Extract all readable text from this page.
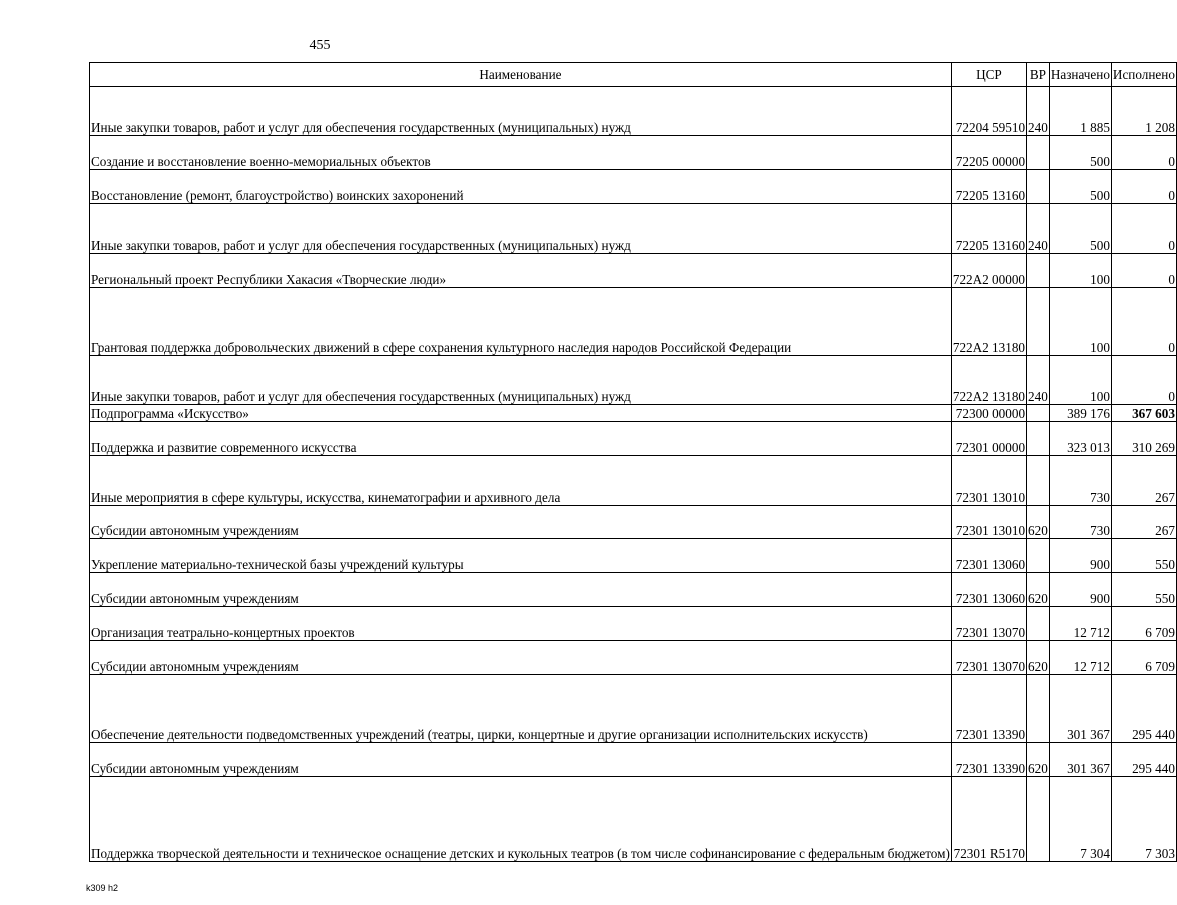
455
Наименование	ЦСР	ВР	Назначено	Исполнено
Иные закупки товаров, работ и услуг для обеспечения государственных (муниципальных) нужд	72204 59510	240	1 885	1 208
Создание и восстановление военно-мемориальных объектов	72205 00000		500	0
Восстановление (ремонт, благоустройство) воинских захоронений	72205 13160		500	0
Иные закупки товаров, работ и услуг для обеспечения государственных (муниципальных) нужд	72205 13160	240	500	0
Региональный проект Республики Хакасия «Творческие люди»	722A2 00000		100	0
Грантовая поддержка добровольческих движений в сфере сохранения культурного наследия народов Российской Федерации	722A2 13180		100	0
Иные закупки товаров, работ и услуг для обеспечения государственных (муниципальных) нужд	722A2 13180	240	100	0
Подпрограмма «Искусство»	72300 00000		389 176	367 603
Поддержка и развитие современного искусства	72301 00000		323 013	310 269
Иные мероприятия в сфере культуры, искусства, кинематографии и архивного дела	72301 13010		730	267
Субсидии автономным учреждениям	72301 13010	620	730	267
Укрепление материально-технической базы учреждений культуры	72301 13060		900	550
Субсидии автономным учреждениям	72301 13060	620	900	550
Организация театрально-концертных проектов	72301 13070		12 712	6 709
Субсидии автономным учреждениям	72301 13070	620	12 712	6 709
Обеспечение деятельности подведомственных учреждений (театры, цирки, концертные и другие организации исполнительских искусств)	72301 13390		301 367	295 440
Субсидии автономным учреждениям	72301 13390	620	301 367	295 440
Поддержка творческой деятельности и техническое оснащение детских и кукольных театров (в том числе софинансирование с федеральным бюджетом)	72301 R5170		7 304	7 303
k309 h2
